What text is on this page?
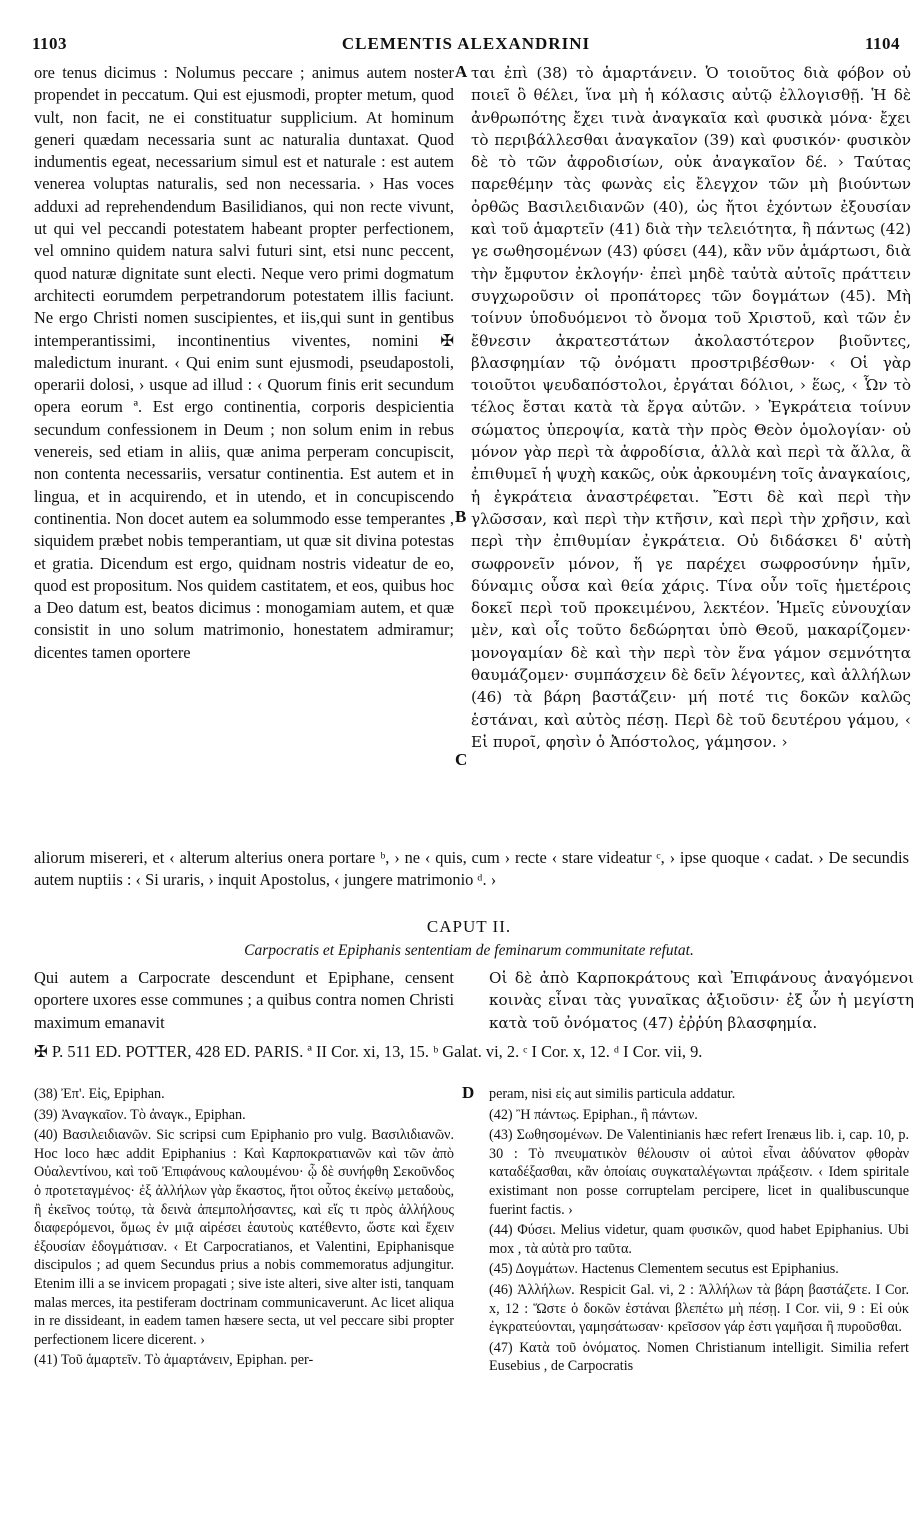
1103	CLEMENTIS ALEXANDRINI	1104

ore tenus dicimus : Nolumus peccare ; animus autem noster propendet in peccatum. Qui est ejusmodi, propter metum, quod vult, non facit, ne ei constituatur supplicium. At hominum generi quædam necessaria sunt ac naturalia duntaxat. Quod indumentis egeat, necessarium simul est et naturale : est autem venerea voluptas naturalis, sed non necessaria. › Has voces adduxi ad reprehendendum Basilidianos, qui non recte vivunt, ut qui vel peccandi potestatem habeant propter perfectionem, vel omnino quidem natura salvi futuri sint, etsi nunc peccent, quod naturæ dignitate sunt electi. Neque vero primi dogmatum architecti eorumdem perpetrandorum potestatem illis faciunt. Ne ergo Christi nomen suscipientes, et iis,qui sunt in gentibus intemperantissimi, incontinentius viventes, nomini ✠ maledictum inurant. ‹ Qui enim sunt ejusmodi, pseudapostoli, operarii dolosi, › usque ad illud : ‹ Quorum finis erit secundum opera eorum ª. Est ergo continentia, corporis despicientia secundum confessionem in Deum ; non solum enim in rebus venereis, sed etiam in aliis, quæ anima perperam concupiscit, non contenta necessariis, versatur continentia. Est autem et in lingua, et in acquirendo, et in utendo, et in concupiscendo continentia. Non docet autem ea solummodo esse temperantes , siquidem præbet nobis temperantiam, ut quæ sit divina potestas et gratia. Dicendum est ergo, quidnam nostris videatur de eo, quod est propositum. Nos quidem castitatem, et eos, quibus hoc a Deo datum est, beatos dicimus : monogamiam autem, et quæ consistit in uno solum matrimonio, honestatem admiramur; dicentes tamen oportere

A
B
C

ται ἐπὶ (38) τὸ ἁμαρτάνειν. Ὁ τοιοῦτος διὰ φόβον οὐ ποιεῖ ὃ θέλει, ἵνα μὴ ἡ κόλασις αὐτῷ ἐλλογισθῇ. Ἡ δὲ ἀνθρωπότης ἔχει τινὰ ἀναγκαῖα καὶ φυσικὰ μόνα· ἔχει τὸ περιβάλλεσθαι ἀναγκαῖον (39) καὶ φυσικόν· φυσικὸν δὲ τὸ τῶν ἀφροδισίων, οὐκ ἀναγκαῖον δέ. › Ταύτας παρεθέμην τὰς φωνὰς εἰς ἔλεγχον τῶν μὴ βιούντων ὀρθῶς Βασιλειδιανῶν (40), ὡς ἤτοι ἐχόντων ἐξουσίαν καὶ τοῦ ἁμαρτεῖν (41) διὰ τὴν τελειότητα, ἢ πάντως (42) γε σωθησομένων (43) φύσει (44), κἂν νῦν ἁμάρτωσι, διὰ τὴν ἔμφυτον ἐκλογήν· ἐπεὶ μηδὲ ταὐτὰ αὐτοῖς πράττειν συγχωροῦσιν οἱ προπάτορες τῶν δογμάτων (45). Μὴ τοίνυν ὑποδυόμενοι τὸ ὄνομα τοῦ Χριστοῦ, καὶ τῶν ἐν ἔθνεσιν ἀκρατεστάτων ἀκολαστότερον βιοῦντες, βλασφημίαν τῷ ὀνόματι προστριβέσθων· ‹ Οἱ γὰρ τοιοῦτοι ψευδαπόστολοι, ἐργάται δόλιοι, › ἕως, ‹ Ὧν τὸ τέλος ἔσται κατὰ τὰ ἔργα αὐτῶν. › Ἐγκράτεια τοίνυν σώματος ὑπεροψία, κατὰ τὴν πρὸς Θεὸν ὁμολογίαν· οὐ μόνον γὰρ περὶ τὰ ἀφροδίσια, ἀλλὰ καὶ περὶ τὰ ἄλλα, ἃ ἐπιθυμεῖ ἡ ψυχὴ κακῶς, οὐκ ἀρκουμένη τοῖς ἀναγκαίοις, ἡ ἐγκράτεια ἀναστρέφεται. Ἔστι δὲ καὶ περὶ τὴν γλῶσσαν, καὶ περὶ τὴν κτῆσιν, καὶ περὶ τὴν χρῆσιν, καὶ περὶ τὴν ἐπιθυμίαν ἐγκράτεια. Οὐ διδάσκει δ' αὐτὴ σωφρονεῖν μόνον, ἥ γε παρέχει σωφροσύνην ἡμῖν, δύναμις οὖσα καὶ θεία χάρις. Τίνα οὖν τοῖς ἡμετέροις δοκεῖ περὶ τοῦ προκειμένου, λεκτέον. Ἡμεῖς εὐνουχίαν μὲν, καὶ οἷς τοῦτο δεδώρηται ὑπὸ Θεοῦ, μακαρίζομεν· μονογαμίαν δὲ καὶ τὴν περὶ τὸν ἕνα γάμον σεμνότητα θαυμάζομεν· συμπάσχειν δὲ δεῖν λέγοντες, καὶ ἀλλήλων (46) τὰ βάρη βαστάζειν· μή ποτέ τις δοκῶν καλῶς ἑστάναι, καὶ αὐτὸς πέσῃ. Περὶ δὲ τοῦ δευτέρου γάμου, ‹ Εἰ πυροῖ, φησὶν ὁ Ἀπόστολος, γάμησον. ›

aliorum misereri, et ‹ alterum alterius onera portare ᵇ, › ne ‹ quis, cum › recte ‹ stare videatur ᶜ, › ipse quoque ‹ cadat. › De secundis autem nuptiis : ‹ Si uraris, › inquit Apostolus, ‹ jungere matrimonio ᵈ. ›
CAPUT II.
Carpocratis et Epiphanis sententiam de feminarum communitate refutat.
Qui autem a Carpocrate descendunt et Epiphane, censent oportere uxores esse communes ; a quibus contra nomen Christi maximum emanavit
Οἱ δὲ ἀπὸ Καρποκράτους καὶ Ἐπιφάνους ἀναγόμενοι κοινὰς εἶναι τὰς γυναῖκας ἀξιοῦσιν· ἐξ ὧν ἡ μεγίστη κατὰ τοῦ ὀνόματος (47) ἐῤῥύη βλασφημία.
✠ P. 511 ED. POTTER, 428 ED. PARIS. ª II Cor. xi, 13, 15. ᵇ Galat. vi, 2. ᶜ I Cor. x, 12. ᵈ I Cor. vii, 9.

(38) Ἐπ'. Εἰς, Epiphan.

(39) Ἀναγκαῖον. Τὸ ἀναγκ., Epiphan.

(40) Βασιλειδιανῶν. Sic scripsi cum Epiphanio pro vulg. Βασιλιδιανῶν. Hoc loco hæc addit Epiphanius : Καὶ Καρποκρατιανῶν καὶ τῶν ἀπὸ Οὐαλεντίνου, καὶ τοῦ Ἐπιφάνους καλουμένου· ᾧ δὲ συνήφθη Σεκοῦνδος ὁ προτεταγμένος· ἐξ ἀλλήλων γὰρ ἕκαστος, ἤτοι οὗτος ἐκείνῳ μεταδοὺς, ἢ ἐκεῖνος τούτῳ, τὰ δεινὰ ἀπεμπολήσαντες, καὶ εἴς τι πρὸς ἀλλήλους διαφερόμενοι, ὅμως ἐν μιᾷ αἱρέσει ἑαυτοὺς κατέθεντο, ὥστε καὶ ἔχειν ἐξουσίαν ἐδογμάτισαν. ‹ Et Carpocratianos, et Valentini, Epiphanisque discipulos ; ad quem Secundus prius a nobis commemoratus adjungitur. Etenim illi a se invicem propagati ; sive iste alteri, sive alter isti, tanquam malas merces, ita pestiferam doctrinam communicaverunt. Ac licet aliqua in re dissideant, in eadem tamen hæsere secta, ut vel peccare sibi propter perfectionem licere dicerent. ›

(41) Τοῦ ἁμαρτεῖν. Τὸ ἁμαρτάνειν, Epiphan. per-

D peram, nisi εἰς aut similis particula addatur.

(42) Ἢ πάντως. Epiphan., ἢ πάντων.

(43) Σωθησομένων. De Valentinianis hæc refert Irenæus lib. i, cap. 10, p. 30 : Τὸ πνευματικὸν θέλουσιν οἱ αὐτοὶ εἶναι ἀδύνατον φθορὰν καταδέξασθαι, κἂν ὁποίαις συγκαταλέγωνται πράξεσιν. ‹ Idem spiritale existimant non posse corruptelam percipere, licet in qualibuscunque fuerint factis. ›

(44) Φύσει. Melius videtur, quam φυσικῶν, quod habet Epiphanius. Ubi mox , τὰ αὐτὰ pro ταῦτα.

(45) Δογμάτων. Hactenus Clementem secutus est Epiphanius.

(46) Ἀλλήλων. Respicit Gal. vi, 2 : Ἀλλήλων τὰ βάρη βαστάζετε. I Cor. x, 12 : Ὥστε ὁ δοκῶν ἑστάναι βλεπέτω μὴ πέσῃ. I Cor. vii, 9 : Εἰ οὐκ ἐγκρατεύονται, γαμησάτωσαν· κρεῖσσον γάρ ἐστι γαμῆσαι ἢ πυροῦσθαι.

(47) Κατὰ τοῦ ὀνόματος. Nomen Christianum intelligit. Similia refert Eusebius , de Carpocratis
